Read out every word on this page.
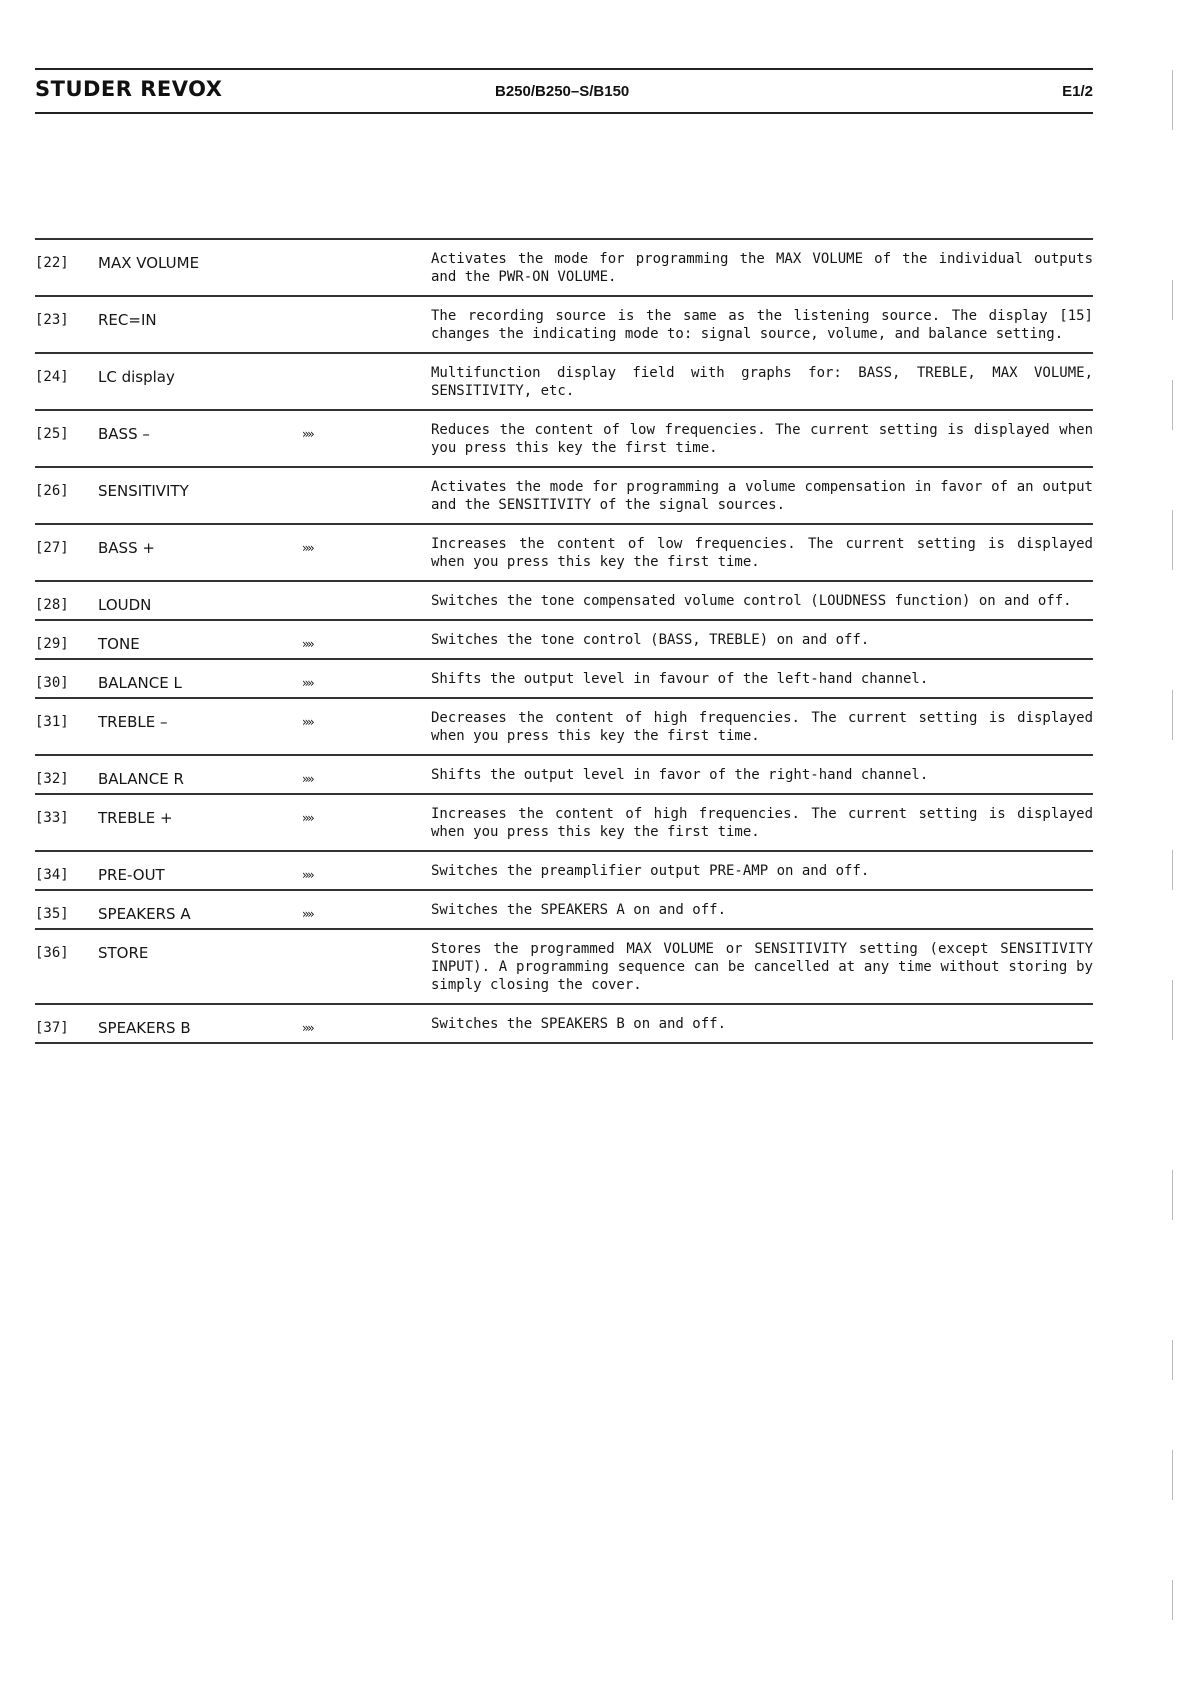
STUDER REVOX	B250/B250–S/B150	E1/2
[22] MAX VOLUME	Activates the mode for programming the MAX VOLUME of the individual outputs and the PWR-ON VOLUME.
[23] REC=IN	The recording source is the same as the listening source. The display [15] changes the indicating mode to: signal source, volume, and balance setting.
[24] LC display	Multifunction display field with graphs for: BASS, TREBLE, MAX VOLUME, SENSITIVITY, etc.
[25] BASS –	»»	Reduces the content of low frequencies. The current setting is displayed when you press this key the first time.
[26] SENSITIVITY	Activates the mode for programming a volume compensation in favor of an output and the SENSITIVITY of the signal sources.
[27] BASS +	»»	Increases the content of low frequencies. The current setting is displayed when you press this key the first time.
[28] LOUDN	Switches the tone compensated volume control (LOUDNESS function) on and off.
[29] TONE	»»	Switches the tone control (BASS, TREBLE) on and off.
[30] BALANCE L	»»	Shifts the output level in favour of the left-hand channel.
[31] TREBLE –	»»	Decreases the content of high frequencies. The current setting is displayed when you press this key the first time.
[32] BALANCE R	»»	Shifts the output level in favor of the right-hand channel.
[33] TREBLE +	»»	Increases the content of high frequencies. The current setting is displayed when you press this key the first time.
[34] PRE-OUT	»»	Switches the preamplifier output PRE-AMP on and off.
[35] SPEAKERS A	»»	Switches the SPEAKERS A on and off.
[36] STORE	Stores the programmed MAX VOLUME or SENSITIVITY setting (except SENSITIVITY INPUT). A programming sequence can be cancelled at any time without storing by simply closing the cover.
[37] SPEAKERS B	»»	Switches the SPEAKERS B on and off.
